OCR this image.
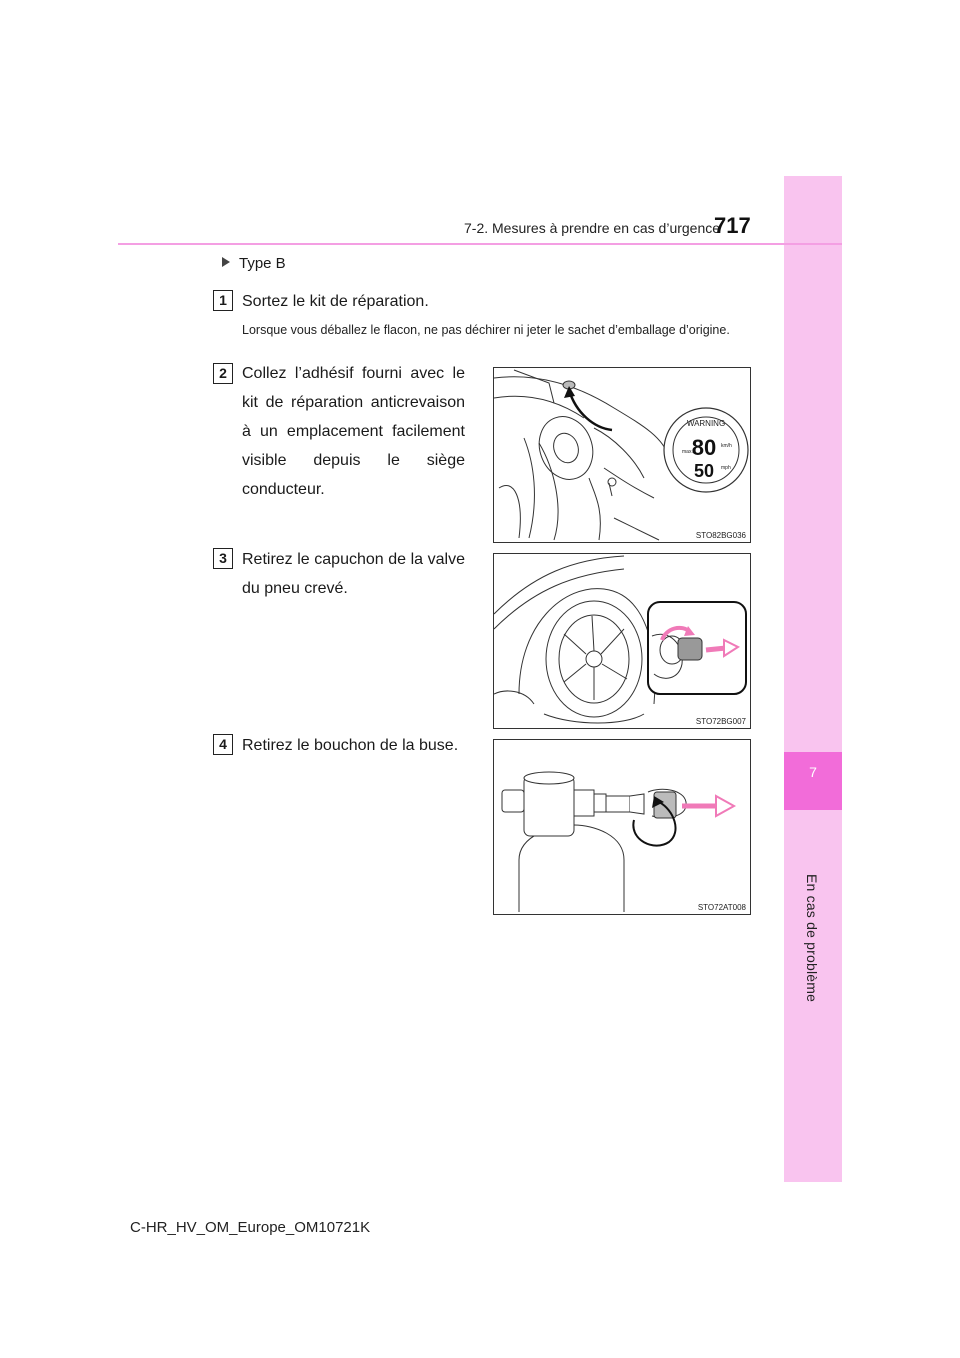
7
En cas de problème
7-2. Mesures à prendre en cas d’urgence
717
Type B
1 Sortez le kit de réparation.
Lorsque vous déballez le flacon, ne pas déchirer ni jeter le sachet d’emballage d’origine.
2 Collez l’adhésif fourni avec le kit de réparation anticrevaison à un emplacement facilement visible depuis le siège conducteur.
WARNING
80
50
km/h
mph
max.
STO82BG036
3 Retirez le capuchon de la valve du pneu crevé.
STO72BG007
4 Retirez le bouchon de la buse.
STO72AT008
C-HR_HV_OM_Europe_OM10721K
